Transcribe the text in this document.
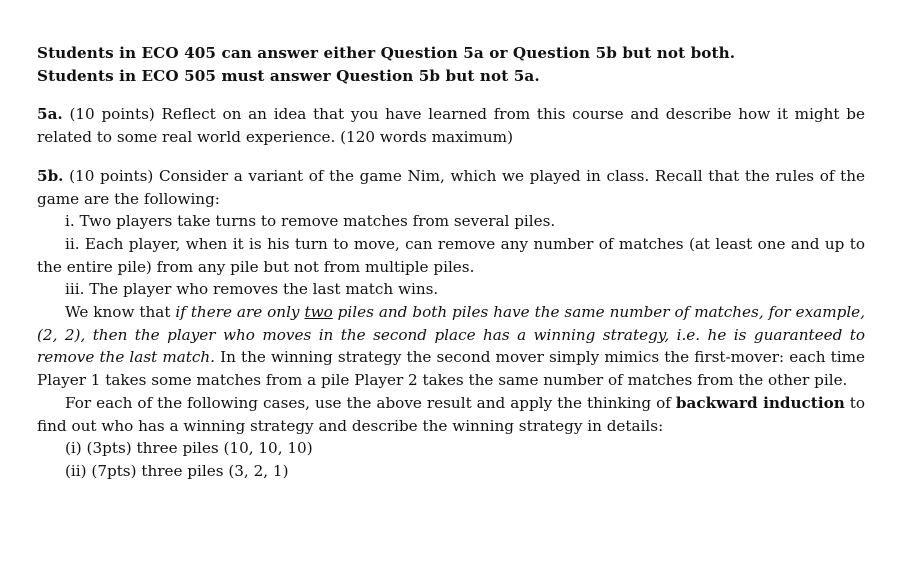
Students in ECO 405 can answer either Question 5a or Question 5b but not both.
Students in ECO 505 must answer Question 5b but not 5a.
5a. (10 points) Reflect on an idea that you have learned from this course and describe how it might be related to some real world experience. (120 words maximum)
5b. (10 points) Consider a variant of the game Nim, which we played in class. Recall that the rules of the game are the following:
i. Two players take turns to remove matches from several piles.
ii. Each player, when it is his turn to move, can remove any number of matches (at least one and up to the entire pile) from any pile but not from multiple piles.
iii. The player who removes the last match wins.
We know that if there are only two piles and both piles have the same number of matches, for example, (2, 2), then the player who moves in the second place has a winning strategy, i.e. he is guaranteed to remove the last match. In the winning strategy the second mover simply mimics the first-mover: each time Player 1 takes some matches from a pile Player 2 takes the same number of matches from the other pile.
For each of the following cases, use the above result and apply the thinking of backward induction to find out who has a winning strategy and describe the winning strategy in details:
(i) (3pts) three piles (10, 10, 10)
(ii) (7pts) three piles (3, 2, 1)
